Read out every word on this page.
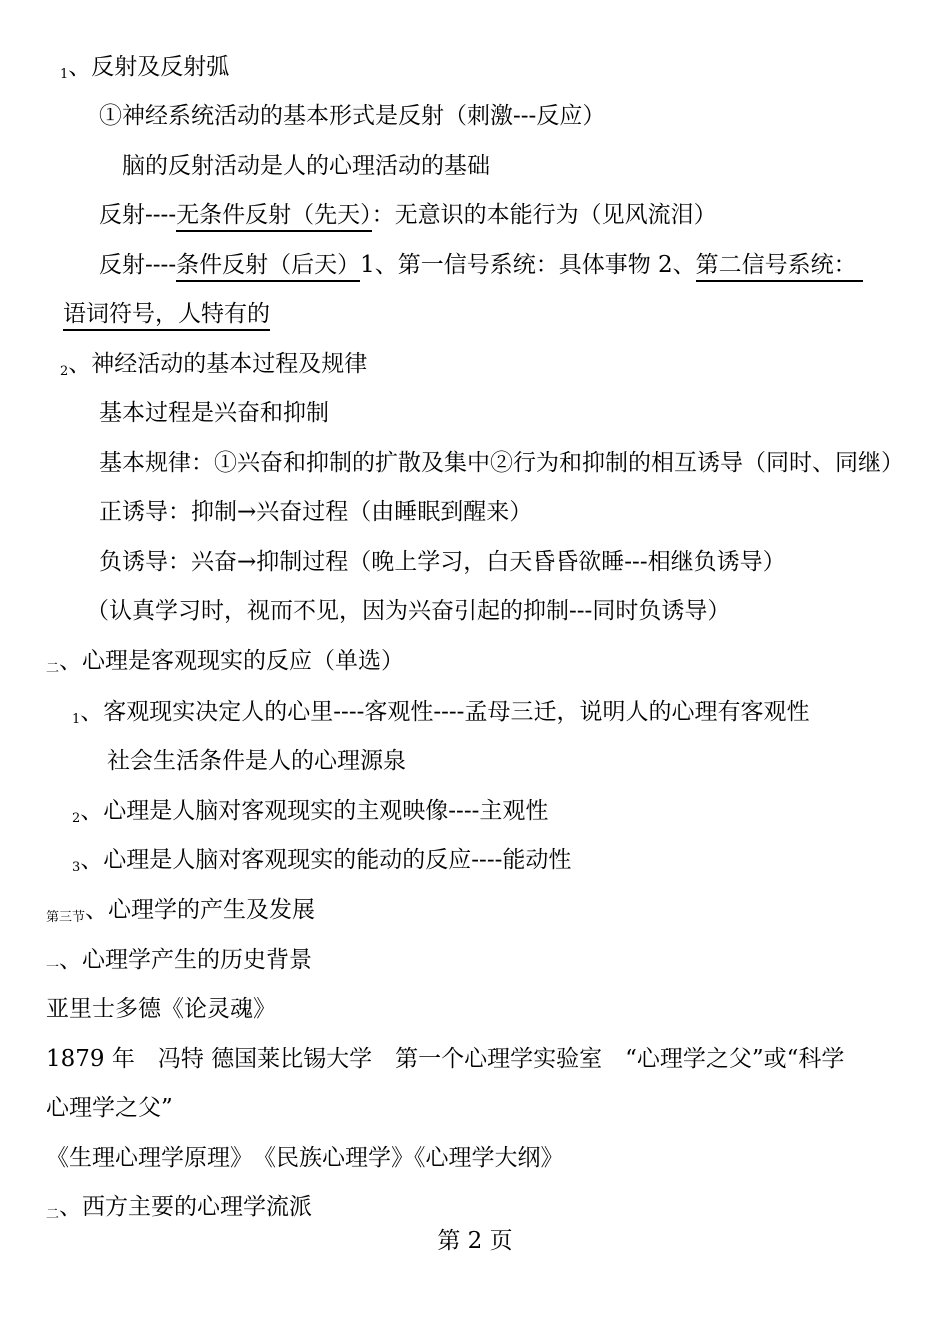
1、反射及反射弧
①神经系统活动的基本形式是反射（刺激---反应）
脑的反射活动是人的心理活动的基础
反射----无条件反射（先天）：无意识的本能行为（见风流泪）
反射----条件反射（后天）1、第一信号系统：具体事物 2、第二信号系统：
语词符号，人特有的
2、神经活动的基本过程及规律
基本过程是兴奋和抑制
基本规律：①兴奋和抑制的扩散及集中②行为和抑制的相互诱导（同时、同继）
正诱导：抑制→兴奋过程（由睡眠到醒来）
负诱导：兴奋→抑制过程（晚上学习，白天昏昏欲睡---相继负诱导）
（认真学习时，视而不见，因为兴奋引起的抑制---同时负诱导）
二、心理是客观现实的反应（单选）
1、客观现实决定人的心里----客观性----孟母三迁，说明人的心理有客观性
社会生活条件是人的心理源泉
2、心理是人脑对客观现实的主观映像----主观性
3、心理是人脑对客观现实的能动的反应----能动性
第三节、心理学的产生及发展
一、心理学产生的历史背景
亚里士多德《论灵魂》
1879 年　冯特 德国莱比锡大学　第一个心理学实验室　“心理学之父”或“科学
心理学之父”
《生理心理学原理》　《民族心理学》《心理学大纲》
二、西方主要的心理学流派
第 2 页
